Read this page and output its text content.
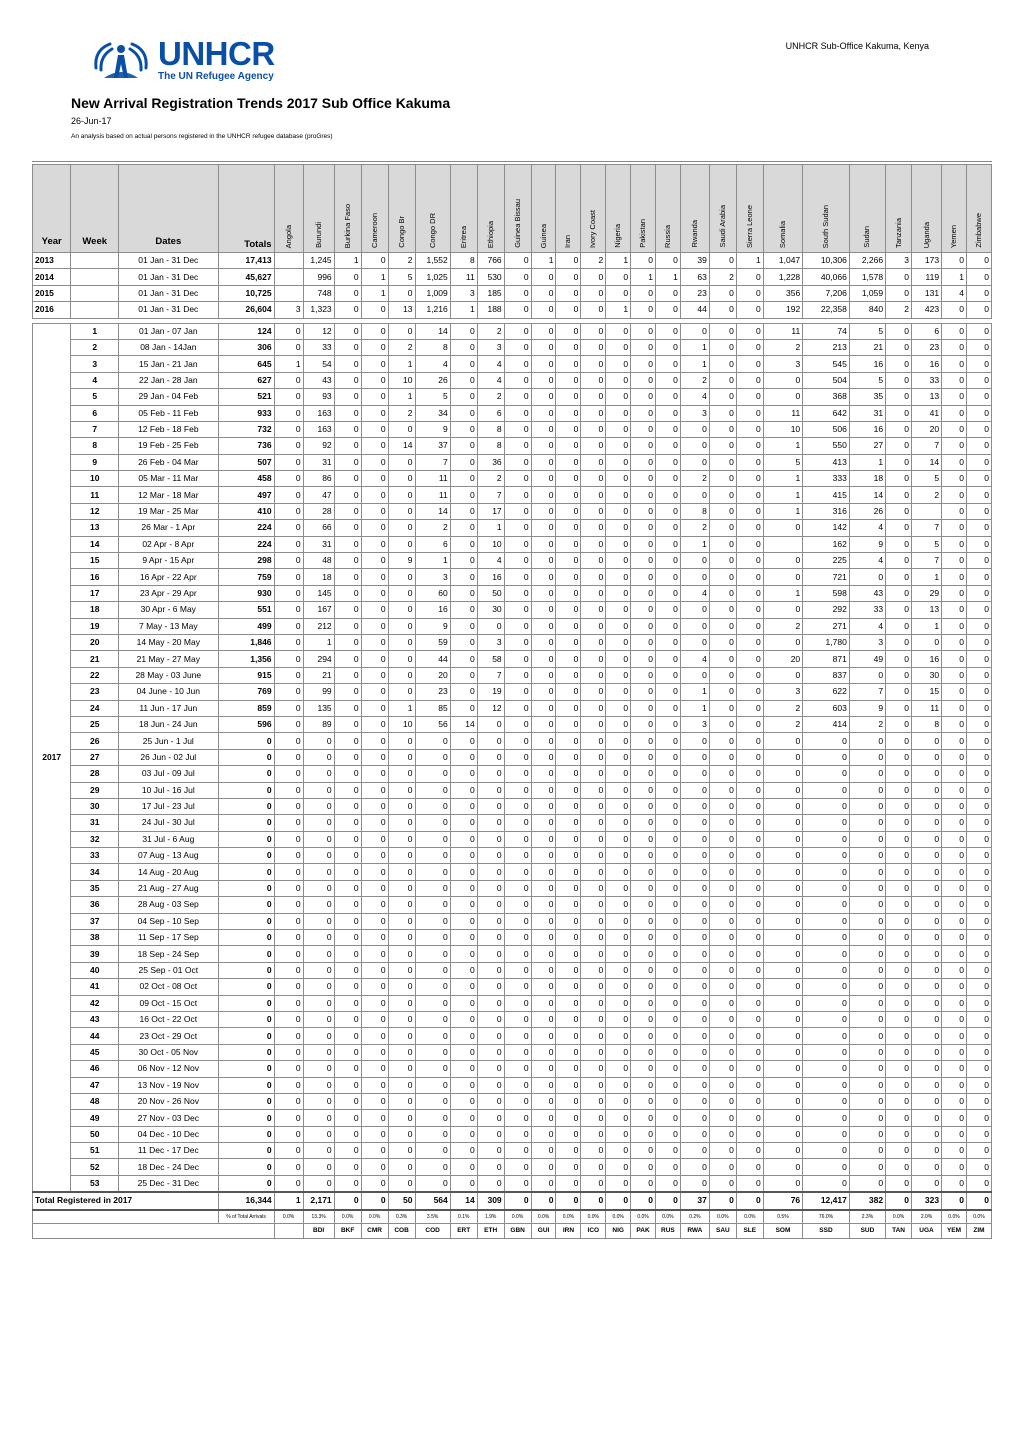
UNHCR Sub-Office Kakuma, Kenya
UNHCR
The UN Refugee Agency
New Arrival Registration Trends 2017 Sub Office Kakuma
26-Jun-17
An analysis based on actual persons registered in the UNHCR refugee database (proGres)
Year	Week	Dates	Totals	Angola	Burundi	Burkina Faso	Cameroon	Congo Br	Congo DR	Eritrea	Ethiopia	Guinea Bissau	Guinea	Iran	Ivory Coast	Nigeria	Pakistan	Russia	Rwanda	Saudi Arabia	Sierra Leone	Somalia	South Sudan	Sudan	Tanzania	Uganda	Yemen	Zimbabwe

2013		01 Jan - 31 Dec	17,413		1,245	1	0	2	1,552	8	766	0	1	0	2	1	0	0	39	0	1	1,047	10,306	2,266	3	173	0	0
2014		01 Jan - 31 Dec	45,627		996	0	1	5	1,025	11	530	0	0	0	0	0	1	1	63	2	0	1,228	40,066	1,578	0	119	1	0
2015		01 Jan - 31 Dec	10,725		748	0	1	0	1,009	3	185	0	0	0	0	0	0	0	23	0	0	356	7,206	1,059	0	131	4	0
2016		01 Jan - 31 Dec	26,604	3	1,323	0	0	13	1,216	1	188	0	0	0	0	1	0	0	44	0	0	192	22,358	840	2	423	0	0

2017	1	01 Jan - 07 Jan	124	0	12	0	0	0	14	0	2	0	0	0	0	0	0	0	0	0	0	11	74	5	0	6	0	0
	2	08 Jan - 14Jan	306	0	33	0	0	2	8	0	3	0	0	0	0	0	0	0	1	0	0	2	213	21	0	23	0	0
	3	15 Jan - 21 Jan	645	1	54	0	0	1	4	0	4	0	0	0	0	0	0	0	1	0	0	3	545	16	0	16	0	0
	4	22 Jan - 28 Jan	627	0	43	0	0	10	26	0	4	0	0	0	0	0	0	0	2	0	0	0	504	5	0	33	0	0
	5	29 Jan - 04 Feb	521	0	93	0	0	1	5	0	2	0	0	0	0	0	0	0	4	0	0	0	368	35	0	13	0	0
	6	05 Feb - 11 Feb	933	0	163	0	0	2	34	0	6	0	0	0	0	0	0	0	3	0	0	11	642	31	0	41	0	0
	7	12 Feb - 18 Feb	732	0	163	0	0	0	9	0	8	0	0	0	0	0	0	0	0	0	0	10	506	16	0	20	0	0
	8	19 Feb - 25 Feb	736	0	92	0	0	14	37	0	8	0	0	0	0	0	0	0	0	0	0	1	550	27	0	7	0	0
	9	26 Feb - 04 Mar	507	0	31	0	0	0	7	0	36	0	0	0	0	0	0	0	0	0	0	5	413	1	0	14	0	0
	10	05 Mar - 11 Mar	458	0	86	0	0	0	11	0	2	0	0	0	0	0	0	0	2	0	0	1	333	18	0	5	0	0
	11	12 Mar - 18 Mar	497	0	47	0	0	0	11	0	7	0	0	0	0	0	0	0	0	0	0	1	415	14	0	2	0	0
	12	19 Mar - 25 Mar	410	0	28	0	0	0	14	0	17	0	0	0	0	0	0	0	8	0	0	1	316	26	0		0	0
	13	26 Mar - 1 Apr	224	0	66	0	0	0	2	0	1	0	0	0	0	0	0	0	2	0	0	0	142	4	0	7	0	0
	14	02 Apr - 8 Apr	224	0	31	0	0	0	6	0	10	0	0	0	0	0	0	0	1	0	0		162	9	0	5	0	0
	15	9 Apr - 15 Apr	298	0	48	0	0	9	1	0	4	0	0	0	0	0	0	0	0	0	0	0	225	4	0	7	0	0
	16	16 Apr - 22 Apr	759	0	18	0	0	0	3	0	16	0	0	0	0	0	0	0	0	0	0	0	721	0	0	1	0	0
	17	23 Apr - 29 Apr	930	0	145	0	0	0	60	0	50	0	0	0	0	0	0	0	4	0	0	1	598	43	0	29	0	0
	18	30 Apr - 6 May	551	0	167	0	0	0	16	0	30	0	0	0	0	0	0	0	0	0	0	0	292	33	0	13	0	0
	19	7 May - 13 May	499	0	212	0	0	0	9	0	0	0	0	0	0	0	0	0	0	0	0	2	271	4	0	1	0	0
	20	14 May - 20 May	1,846	0	1	0	0	0	59	0	3	0	0	0	0	0	0	0	0	0	0	0	1,780	3	0	0	0	0
	21	21 May - 27 May	1,356	0	294	0	0	0	44	0	58	0	0	0	0	0	0	0	4	0	0	20	871	49	0	16	0	0
	22	28 May - 03 June	915	0	21	0	0	0	20	0	7	0	0	0	0	0	0	0	0	0	0	0	837	0	0	30	0	0
	23	04 June - 10 Jun	769	0	99	0	0	0	23	0	19	0	0	0	0	0	0	0	1	0	0	3	622	7	0	15	0	0
	24	11 Jun - 17 Jun	859	0	135	0	0	1	85	0	12	0	0	0	0	0	0	0	1	0	0	2	603	9	0	11	0	0
	25	18 Jun - 24 Jun	596	0	89	0	0	10	56	14	0	0	0	0	0	0	0	0	3	0	0	2	414	2	0	8	0	0
	26	25 Jun - 1 Jul	0	0	0	0	0	0	0	0	0	0	0	0	0	0	0	0	0	0	0	0	0	0	0	0	0	0
	27	26 Jun - 02 Jul	0	0	0	0	0	0	0	0	0	0	0	0	0	0	0	0	0	0	0	0	0	0	0	0	0	0
	28	03 Jul - 09 Jul	0	0	0	0	0	0	0	0	0	0	0	0	0	0	0	0	0	0	0	0	0	0	0	0	0	0
	29	10 Jul - 16 Jul	0	0	0	0	0	0	0	0	0	0	0	0	0	0	0	0	0	0	0	0	0	0	0	0	0	0
	30	17 Jul - 23 Jul	0	0	0	0	0	0	0	0	0	0	0	0	0	0	0	0	0	0	0	0	0	0	0	0	0	0
	31	24 Jul - 30 Jul	0	0	0	0	0	0	0	0	0	0	0	0	0	0	0	0	0	0	0	0	0	0	0	0	0	0
	32	31 Jul - 6 Aug	0	0	0	0	0	0	0	0	0	0	0	0	0	0	0	0	0	0	0	0	0	0	0	0	0	0
	33	07 Aug - 13 Aug	0	0	0	0	0	0	0	0	0	0	0	0	0	0	0	0	0	0	0	0	0	0	0	0	0	0
	34	14 Aug - 20 Aug	0	0	0	0	0	0	0	0	0	0	0	0	0	0	0	0	0	0	0	0	0	0	0	0	0	0
	35	21 Aug - 27 Aug	0	0	0	0	0	0	0	0	0	0	0	0	0	0	0	0	0	0	0	0	0	0	0	0	0	0
	36	28 Aug - 03 Sep	0	0	0	0	0	0	0	0	0	0	0	0	0	0	0	0	0	0	0	0	0	0	0	0	0	0
	37	04 Sep - 10 Sep	0	0	0	0	0	0	0	0	0	0	0	0	0	0	0	0	0	0	0	0	0	0	0	0	0	0
	38	11 Sep - 17 Sep	0	0	0	0	0	0	0	0	0	0	0	0	0	0	0	0	0	0	0	0	0	0	0	0	0	0
	39	18 Sep - 24 Sep	0	0	0	0	0	0	0	0	0	0	0	0	0	0	0	0	0	0	0	0	0	0	0	0	0	0
	40	25 Sep - 01 Oct	0	0	0	0	0	0	0	0	0	0	0	0	0	0	0	0	0	0	0	0	0	0	0	0	0	0
	41	02 Oct - 08 Oct	0	0	0	0	0	0	0	0	0	0	0	0	0	0	0	0	0	0	0	0	0	0	0	0	0	0
	42	09 Oct - 15 Oct	0	0	0	0	0	0	0	0	0	0	0	0	0	0	0	0	0	0	0	0	0	0	0	0	0	0
	43	16 Oct - 22 Oct	0	0	0	0	0	0	0	0	0	0	0	0	0	0	0	0	0	0	0	0	0	0	0	0	0	0
	44	23 Oct - 29 Oct	0	0	0	0	0	0	0	0	0	0	0	0	0	0	0	0	0	0	0	0	0	0	0	0	0	0
	45	30 Oct - 05 Nov	0	0	0	0	0	0	0	0	0	0	0	0	0	0	0	0	0	0	0	0	0	0	0	0	0	0
	46	06 Nov - 12 Nov	0	0	0	0	0	0	0	0	0	0	0	0	0	0	0	0	0	0	0	0	0	0	0	0	0	0
	47	13 Nov - 19 Nov	0	0	0	0	0	0	0	0	0	0	0	0	0	0	0	0	0	0	0	0	0	0	0	0	0	0
	48	20 Nov - 26 Nov	0	0	0	0	0	0	0	0	0	0	0	0	0	0	0	0	0	0	0	0	0	0	0	0	0	0
	49	27 Nov - 03 Dec	0	0	0	0	0	0	0	0	0	0	0	0	0	0	0	0	0	0	0	0	0	0	0	0	0	0
	50	04 Dec - 10 Dec	0	0	0	0	0	0	0	0	0	0	0	0	0	0	0	0	0	0	0	0	0	0	0	0	0	0
	51	11 Dec - 17 Dec	0	0	0	0	0	0	0	0	0	0	0	0	0	0	0	0	0	0	0	0	0	0	0	0	0	0
	52	18 Dec - 24 Dec	0	0	0	0	0	0	0	0	0	0	0	0	0	0	0	0	0	0	0	0	0	0	0	0	0	0
	53	25 Dec - 31 Dec	0	0	0	0	0	0	0	0	0	0	0	0	0	0	0	0	0	0	0	0	0	0	0	0	0	0
Total Registered in 2017			16,344	1	2,171	0	0	50	564	14	309	0	0	0	0	0	0	0	37	0	0	76	12,417	382	0	323	0	0
			% of Total Arrivals	0.0%	13.3%	0.0%	0.0%	0.3%	3.5%	0.1%	1.9%	0.0%	0.0%	0.0%	0.0%	0.0%	0.0%	0.0%	0.2%	0.0%	0.0%	0.5%	76.0%	2.3%	0.0%	2.0%	0.0%	0.0%
					BDI	BKF	CMR	COB	COD	ERT	ETH	GBN	GUI	IRN	ICO	NIG	PAK	RUS	RWA	SAU	SLE	SOM	SSD	SUD	TAN	UGA	YEM	ZIM
